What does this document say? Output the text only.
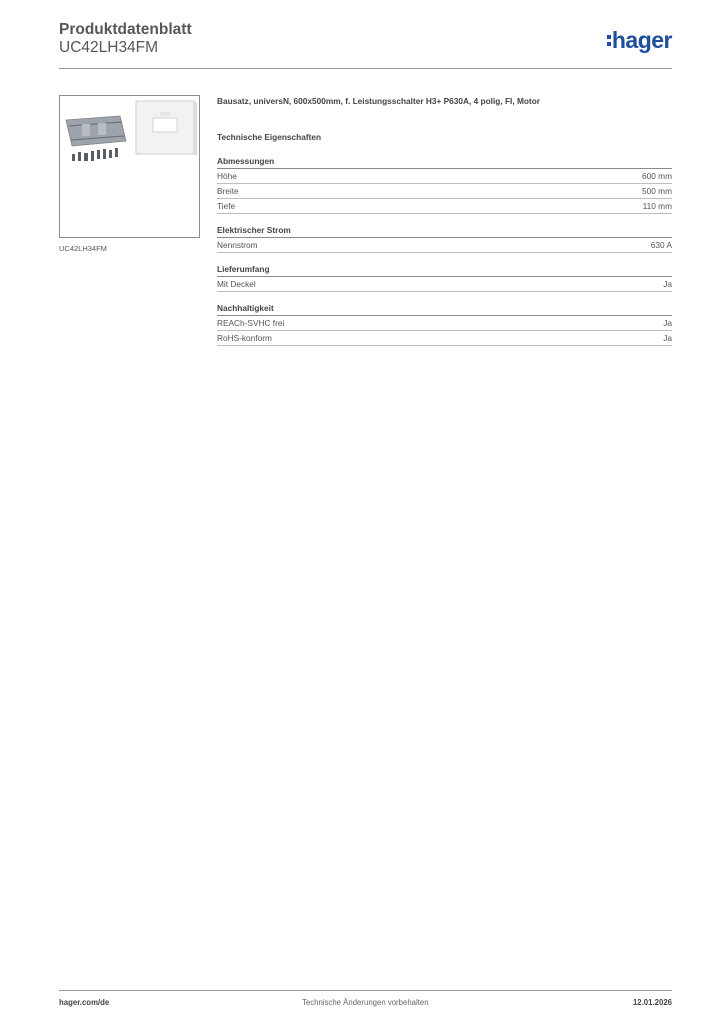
Produktdatenblatt
UC42LH34FM	hager
UC42LH34FM
Bausatz, universN, 600x500mm, f. Leistungsschalter H3+ P630A, 4 polig, FI, Motor
Technische Eigenschaften
Abmessungen
Höhe	600 mm
Breite	500 mm
Tiefe	110 mm
Elektrischer Strom
Nennstrom	630 A
Lieferumfang
Mit Deckel	Ja
Nachhaltigkeit
REACh-SVHC frei	Ja
RoHS-konform	Ja
hager.com/de	Technische Änderungen vorbehalten	12.01.2026
